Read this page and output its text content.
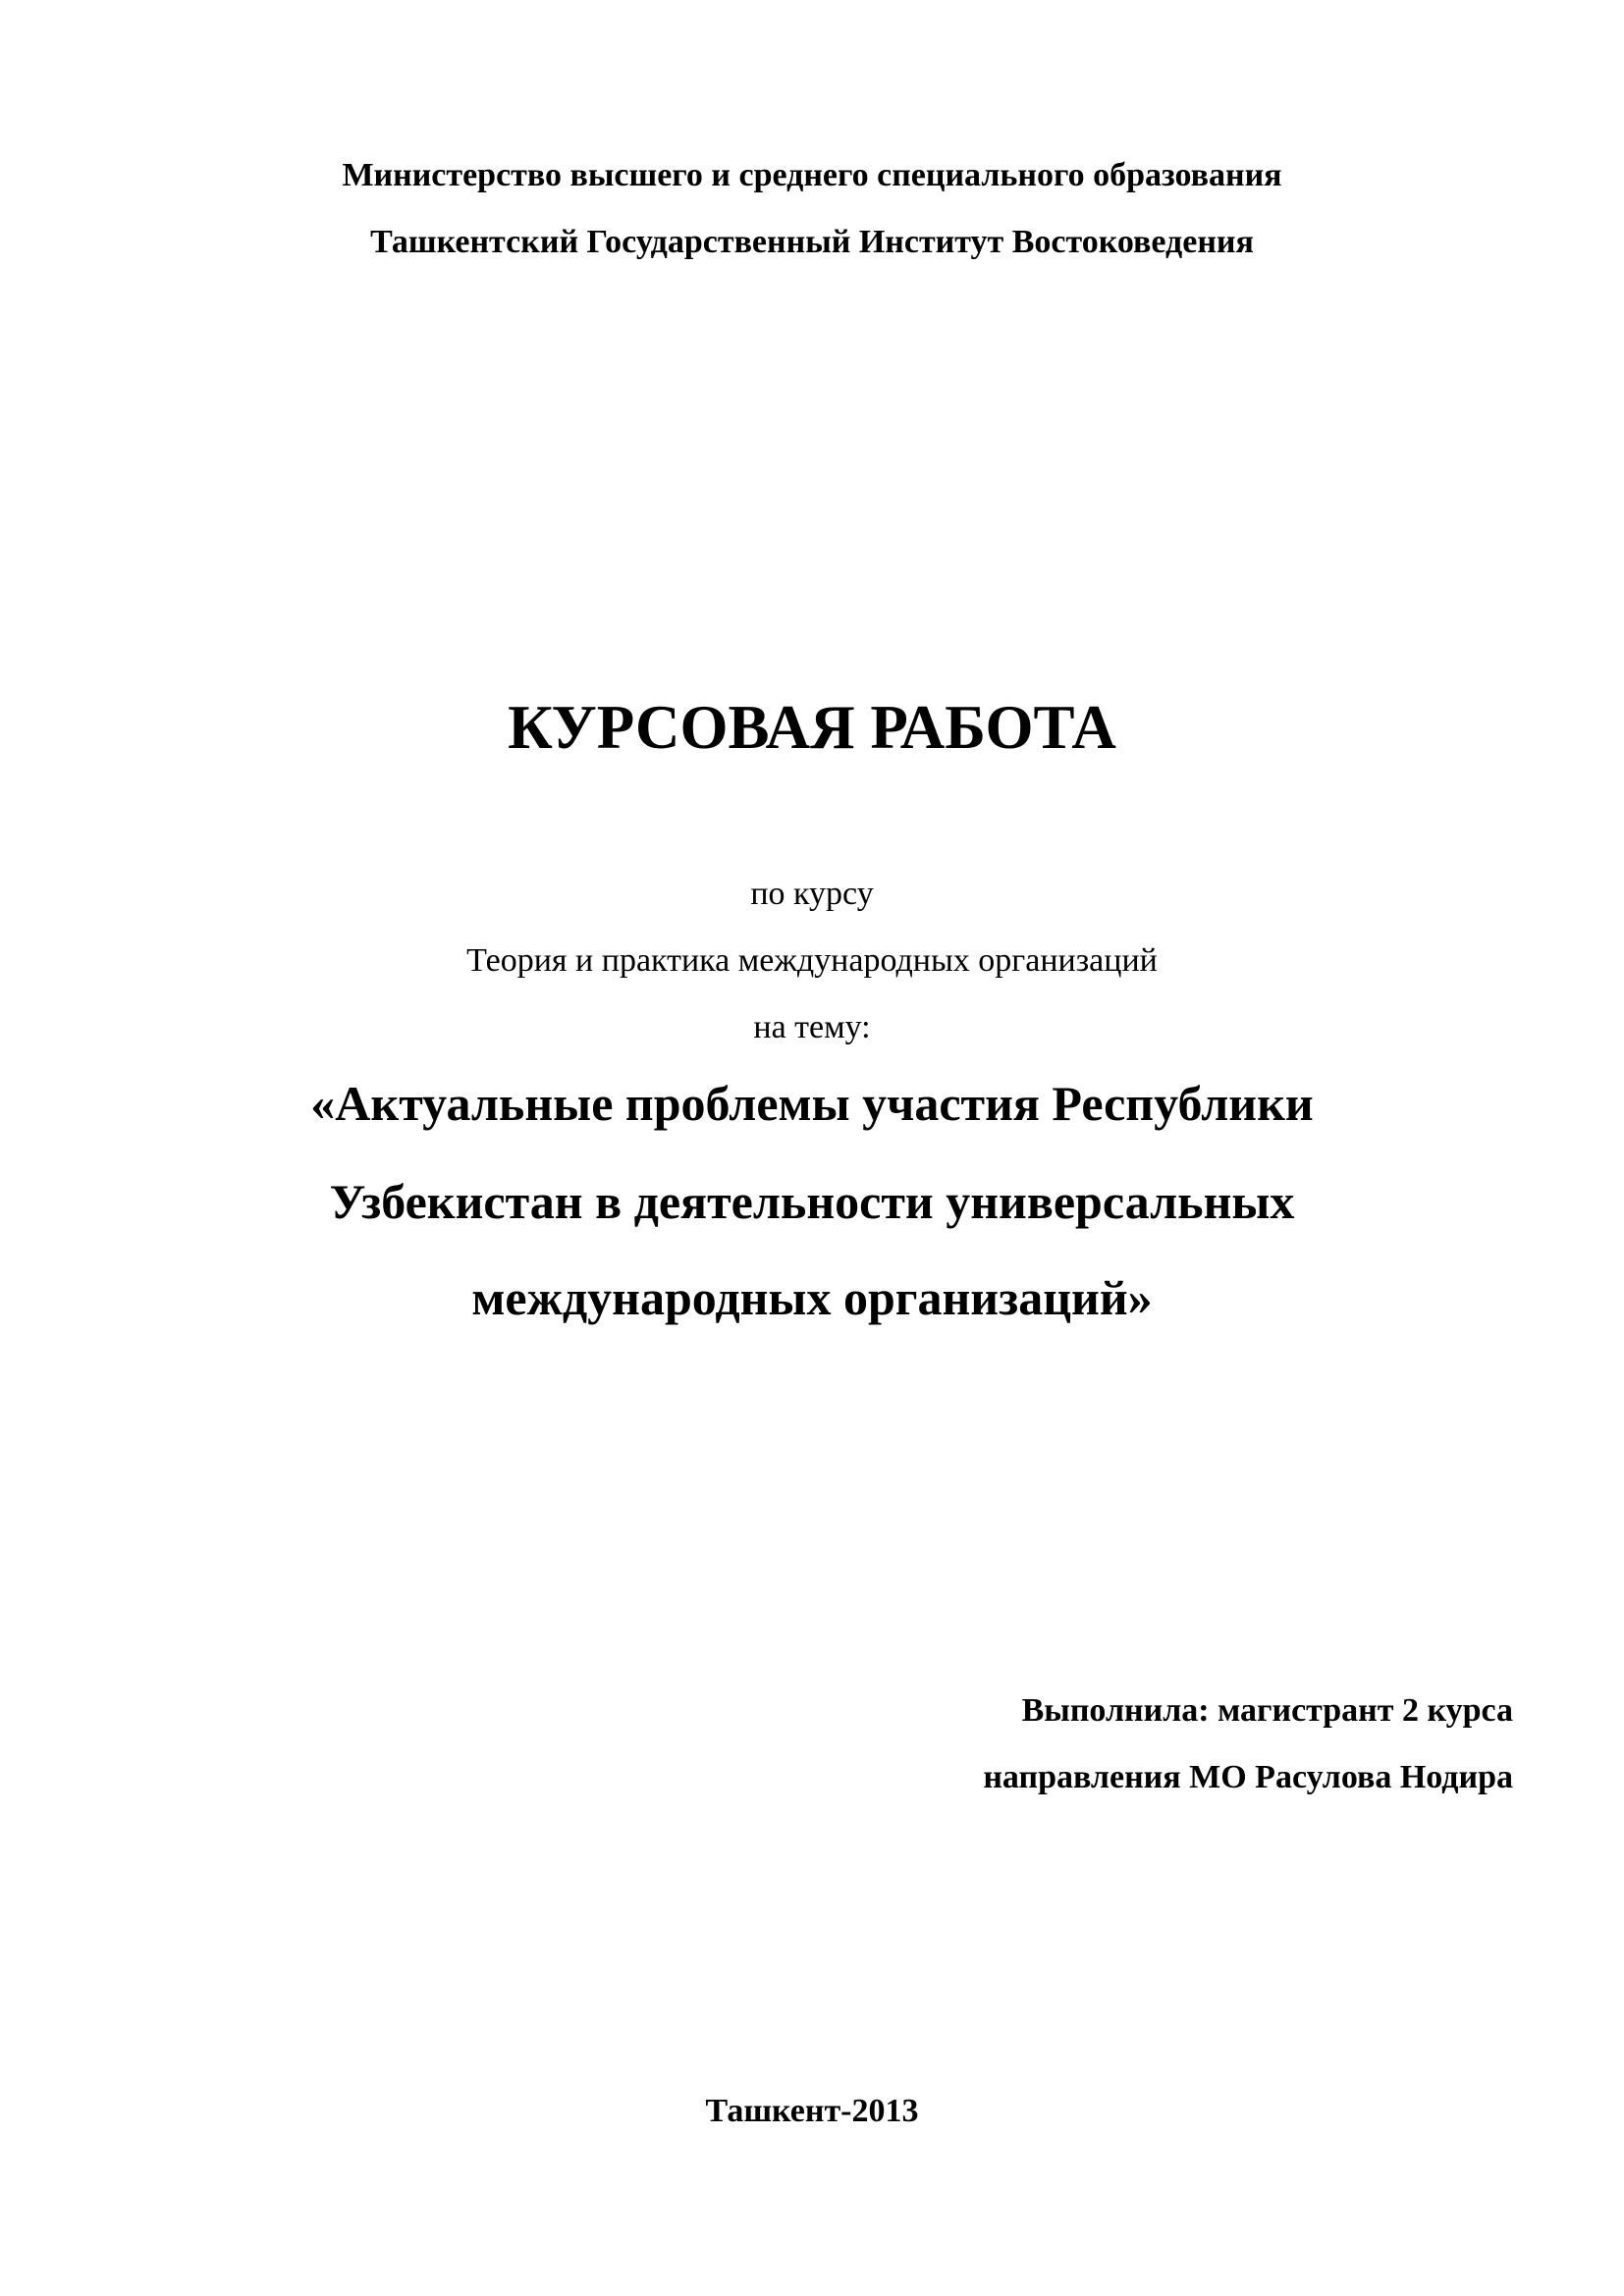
Министерство высшего и среднего специального образования
Ташкентский Государственный Институт Востоковедения
КУРСОВАЯ РАБОТА
по курсу
Теория и практика международных организаций
на тему:
«Актуальные проблемы участия Республики
Узбекистан в деятельности универсальных
международных организаций»
Выполнила: магистрант 2 курса
направления МО Расулова Нодира
Ташкент-2013
